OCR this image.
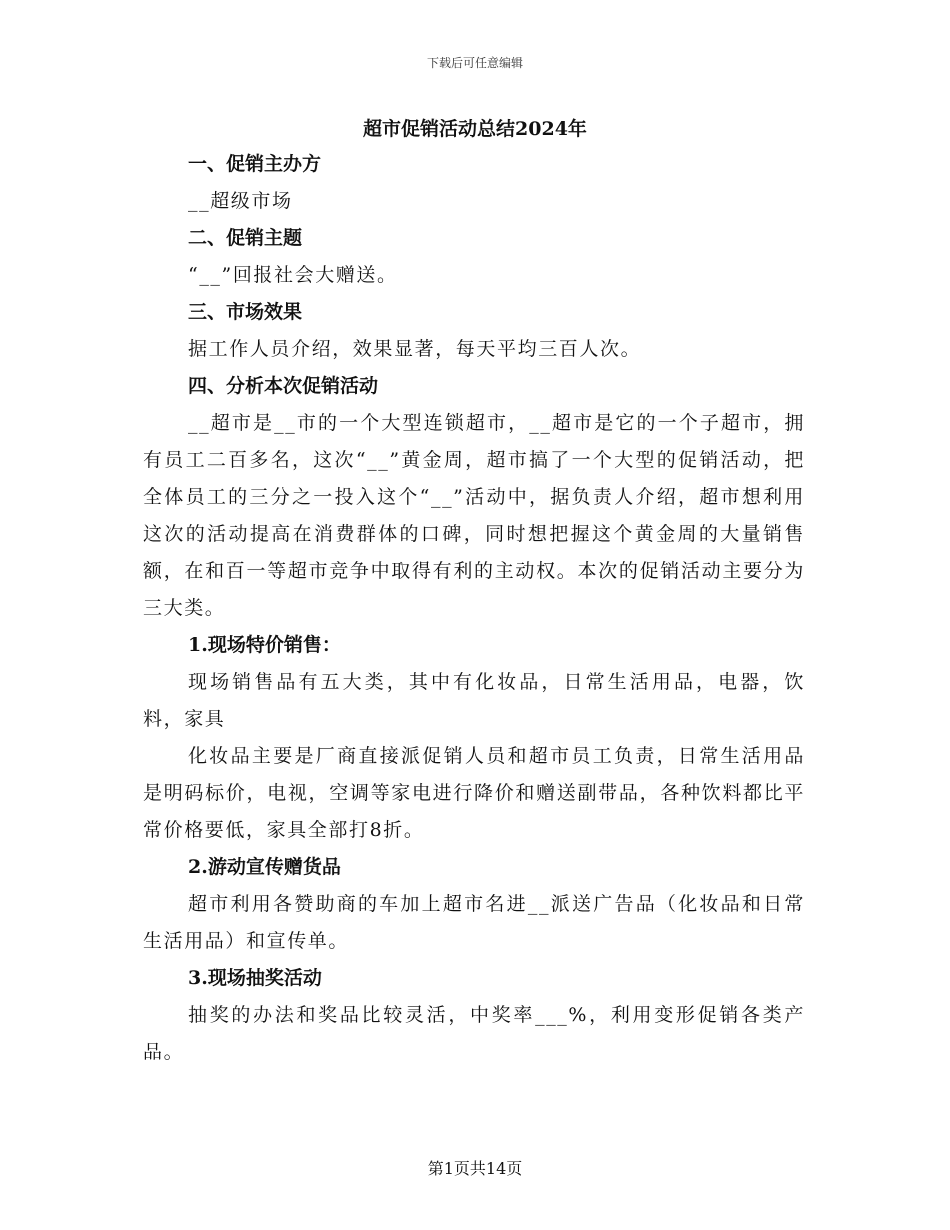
下载后可任意编辑
超市促销活动总结2024年
一、促销主办方
__超级市场
二、促销主题
“__”回报社会大赠送。
三、市场效果
据工作人员介绍，效果显著，每天平均三百人次。
四、分析本次促销活动
__超市是__市的一个大型连锁超市，__超市是它的一个子超市，拥有员工二百多名，这次“__”黄金周，超市搞了一个大型的促销活动，把全体员工的三分之一投入这个“__”活动中，据负责人介绍，超市想利用这次的活动提高在消费群体的口碑，同时想把握这个黄金周的大量销售额，在和百一等超市竞争中取得有利的主动权。本次的促销活动主要分为三大类。
1.现场特价销售：
现场销售品有五大类，其中有化妆品，日常生活用品，电器，饮料，家具
化妆品主要是厂商直接派促销人员和超市员工负责，日常生活用品是明码标价，电视，空调等家电进行降价和赠送副带品，各种饮料都比平常价格要低，家具全部打8折。
2.游动宣传赠货品
超市利用各赞助商的车加上超市名进__派送广告品（化妆品和日常生活用品）和宣传单。
3.现场抽奖活动
抽奖的办法和奖品比较灵活，中奖率___%，利用变形促销各类产品。
第1页共14页
